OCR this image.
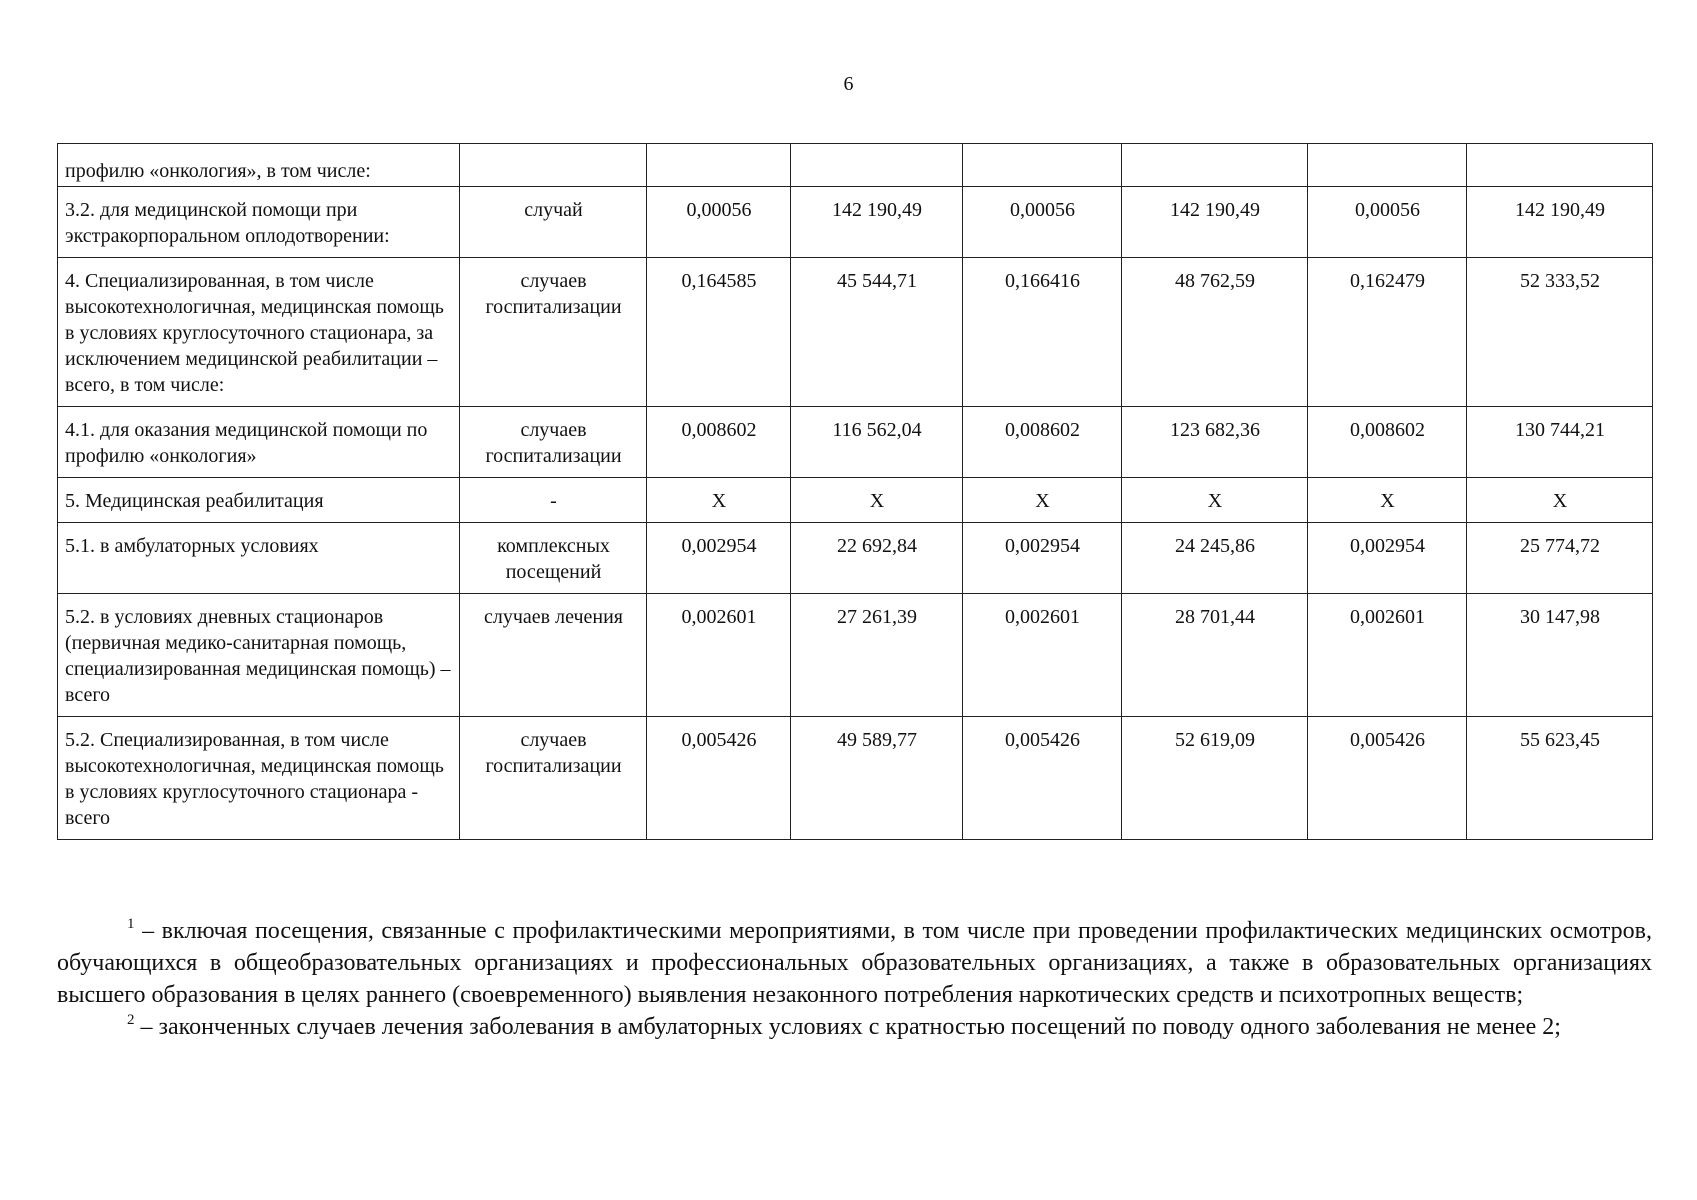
6
профилю «онкология», в том числе:							
3.2. для медицинской помощи при экстракорпоральном оплодотворении:	случай	0,00056	142 190,49	0,00056	142 190,49	0,00056	142 190,49
4. Специализированная, в том числе высокотехнологичная, медицинская помощь в условиях круглосуточного стационара, за исключением медицинской реабилитации – всего, в том числе:	случаев госпитализации	0,164585	45 544,71	0,166416	48 762,59	0,162479	52 333,52
4.1. для оказания медицинской помощи по профилю «онкология»	случаев госпитализации	0,008602	116 562,04	0,008602	123 682,36	0,008602	130 744,21
5. Медицинская реабилитация	-	X	X	X	X	X	X
5.1. в амбулаторных условиях	комплексных посещений	0,002954	22 692,84	0,002954	24 245,86	0,002954	25 774,72
5.2. в условиях дневных стационаров (первичная медико-санитарная помощь, специализированная медицинская помощь) – всего	случаев лечения	0,002601	27 261,39	0,002601	28 701,44	0,002601	30 147,98
5.2. Специализированная, в том числе высокотехнологичная, медицинская помощь в условиях круглосуточного стационара - всего	случаев госпитализации	0,005426	49 589,77	0,005426	52 619,09	0,005426	55 623,45

$^1$ – включая посещения, связанные с профилактическими мероприятиями, в том числе при проведении профилактических медицинских осмотров, обучающихся в общеобразовательных организациях и профессиональных образовательных организациях, а также в образовательных организациях высшего образования в целях раннего (своевременного) выявления незаконного потребления наркотических средств и психотропных веществ;

$^2$ – законченных случаев лечения заболевания в амбулаторных условиях с кратностью посещений по поводу одного заболевания не менее 2;
